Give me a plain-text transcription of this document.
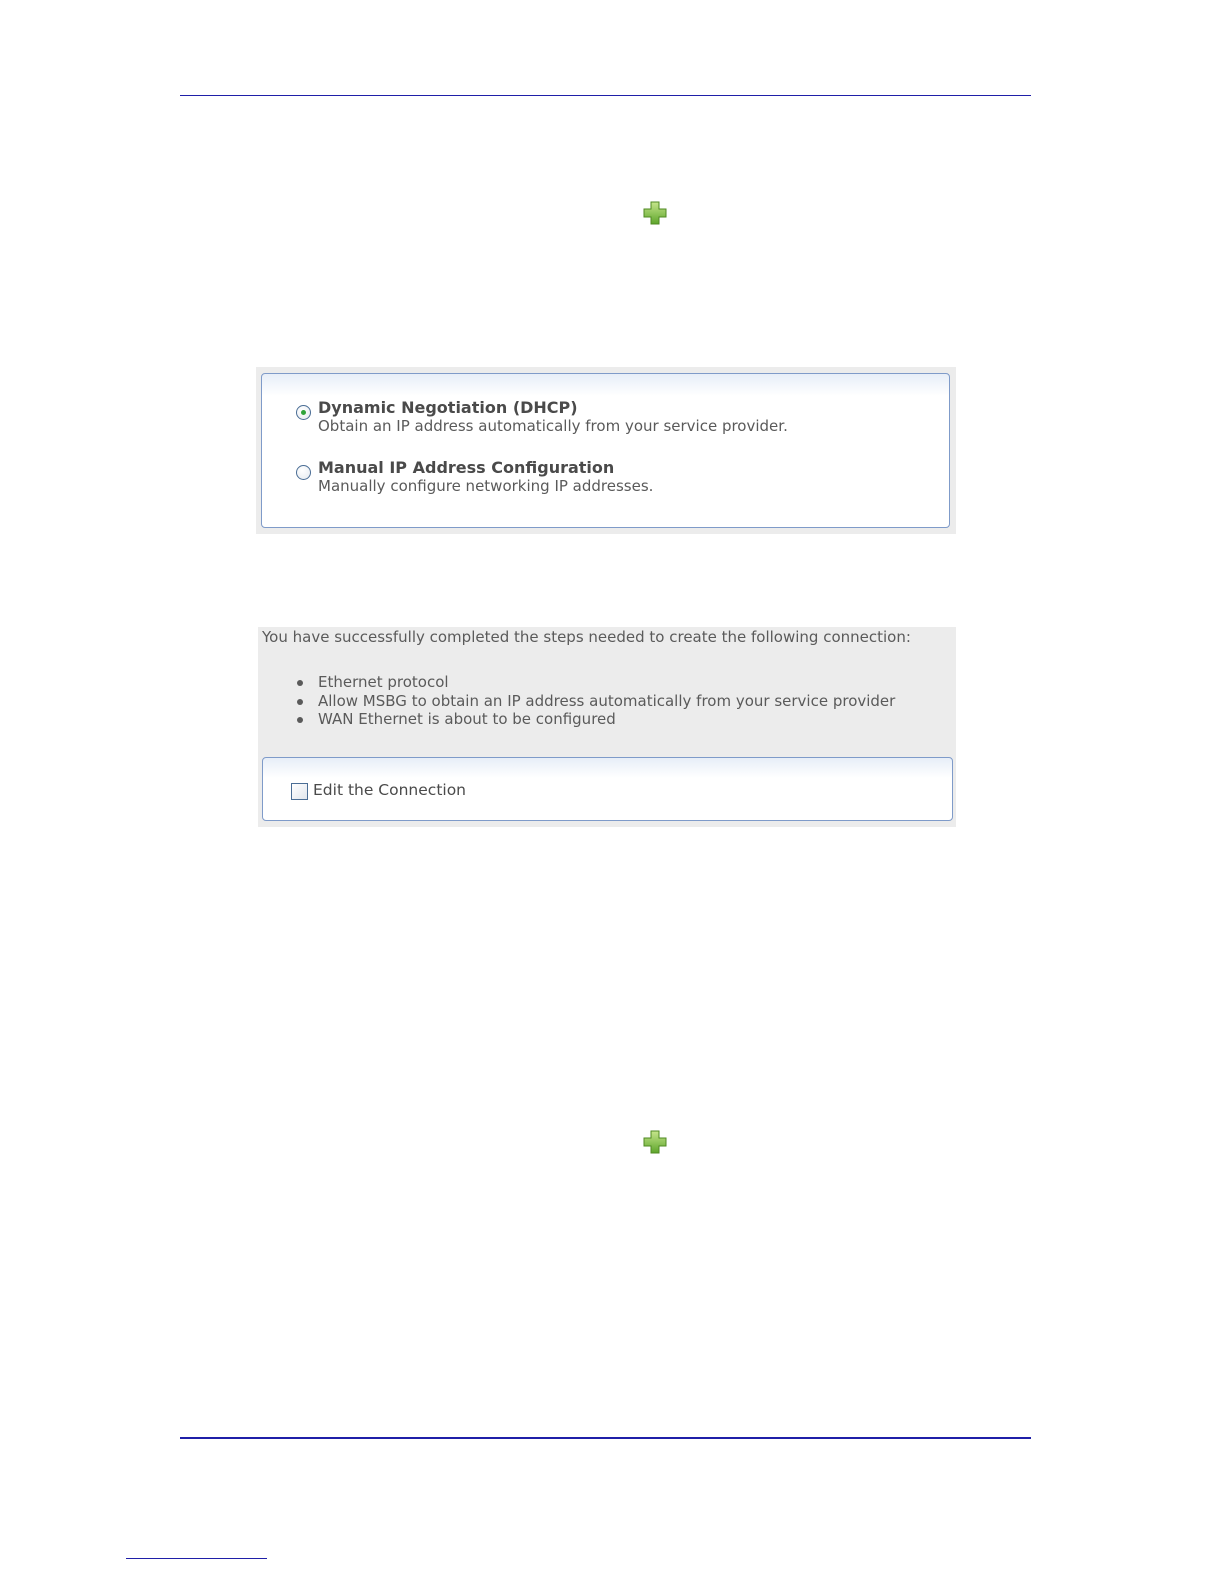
Dynamic Negotiation (DHCP)
Obtain an IP address automatically from your service provider.
Manual IP Address Configuration
Manually configure networking IP addresses.
You have successfully completed the steps needed to create the following connection:
Ethernet protocol
Allow MSBG to obtain an IP address automatically from your service provider
WAN Ethernet is about to be configured
Edit the Connection
